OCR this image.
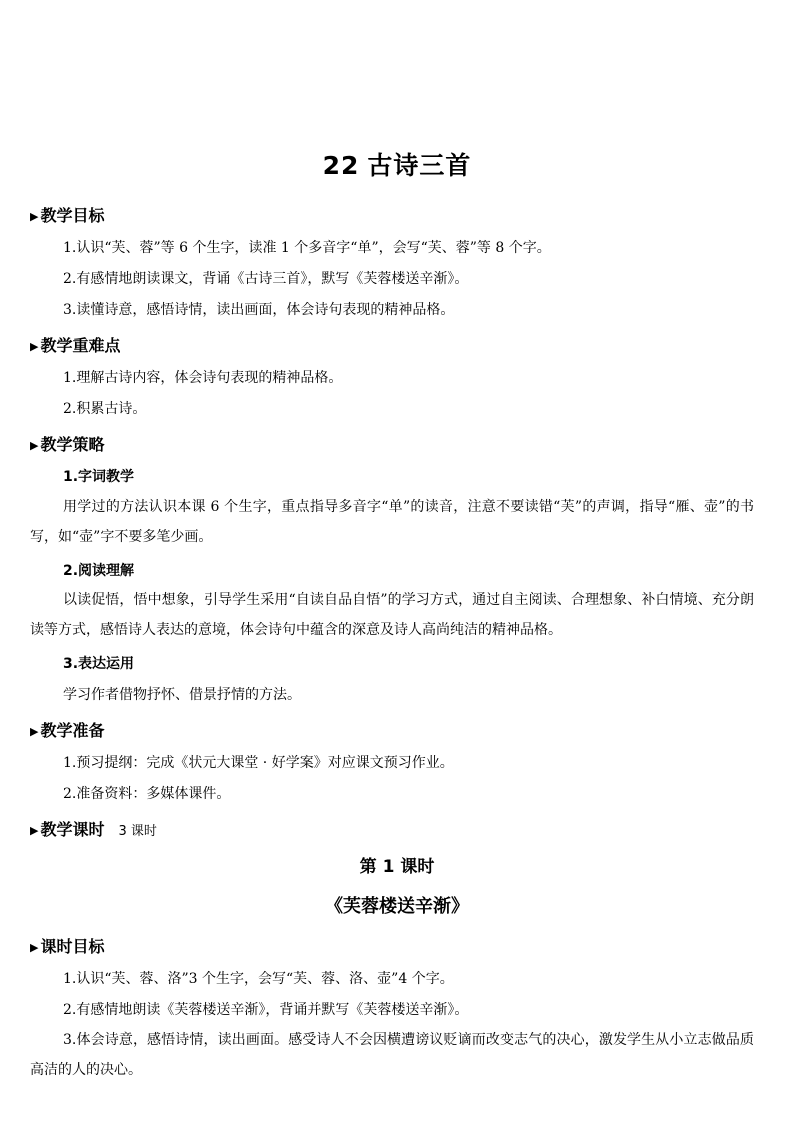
22 古诗三首
▶ 教学目标
1.认识“芙、蓉”等 6 个生字，读准 1 个多音字“单”，会写“芙、蓉”等 8 个字。
2.有感情地朗读课文，背诵《古诗三首》，默写《芙蓉楼送辛渐》。
3.读懂诗意，感悟诗情，读出画面，体会诗句表现的精神品格。
▶ 教学重难点
1.理解古诗内容，体会诗句表现的精神品格。
2.积累古诗。
▶ 教学策略
1.字词教学
用学过的方法认识本课 6 个生字，重点指导多音字“单”的读音，注意不要读错“芙”的声调，指导“雁、壶”的书写，如“壶”字不要多笔少画。
2.阅读理解
以读促悟，悟中想象，引导学生采用“自读自品自悟”的学习方式，通过自主阅读、合理想象、补白情境、充分朗读等方式，感悟诗人表达的意境，体会诗句中蕴含的深意及诗人高尚纯洁的精神品格。
3.表达运用
学习作者借物抒怀、借景抒情的方法。
▶ 教学准备
1.预习提纲：完成《状元大课堂 · 好学案》对应课文预习作业。
2.准备资料：多媒体课件。
▶ 教学课时 3 课时
第 1 课时
《芙蓉楼送辛渐》
▶ 课时目标
1.认识“芙、蓉、洛”3 个生字，会写“芙、蓉、洛、壶”4 个字。
2.有感情地朗读《芙蓉楼送辛渐》，背诵并默写《芙蓉楼送辛渐》。
3.体会诗意，感悟诗情，读出画面。感受诗人不会因横遭谤议贬谪而改变志气的决心，激发学生从小立志做品质高洁的人的决心。
